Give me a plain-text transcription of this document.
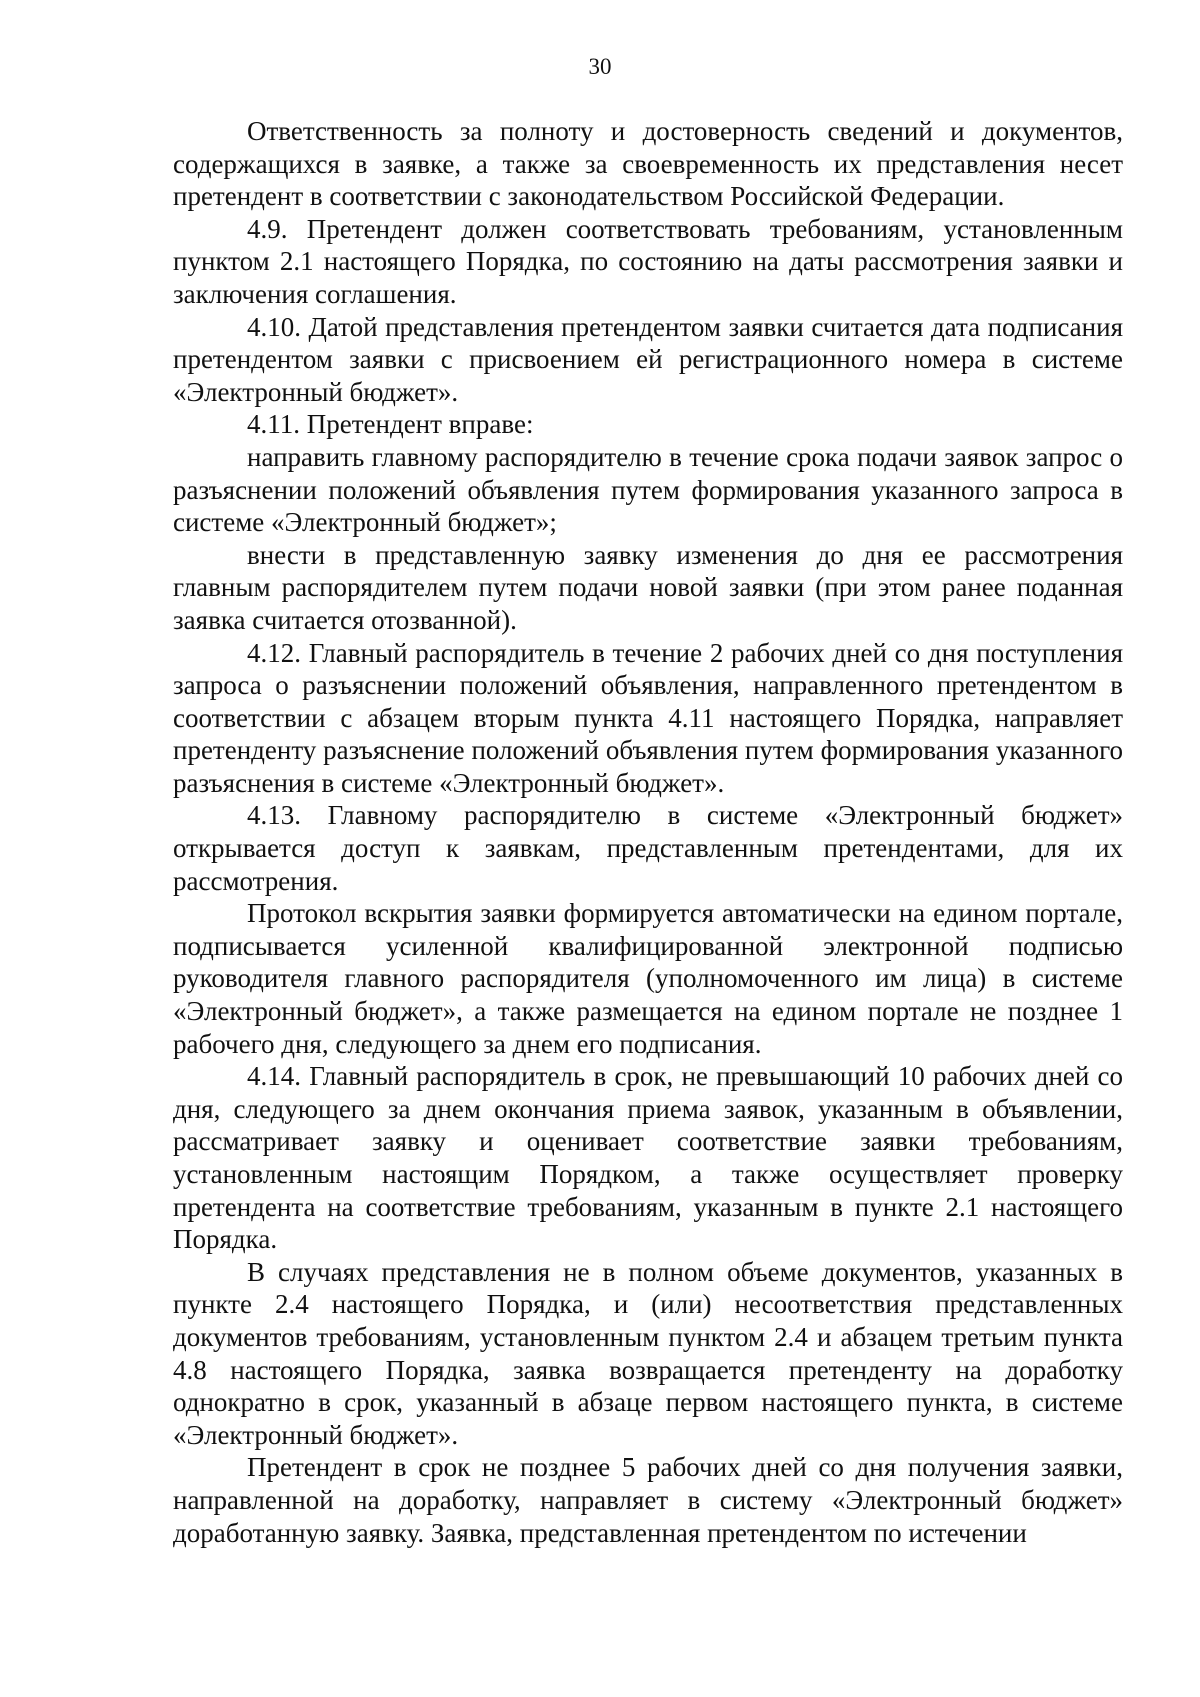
30

Ответственность за полноту и достоверность сведений и документов, содержащихся в заявке, а также за своевременность их представления несет претендент в соответствии с законодательством Российской Федерации.

4.9. Претендент должен соответствовать требованиям, установленным пунктом 2.1 настоящего Порядка, по состоянию на даты рассмотрения заявки и заключения соглашения.

4.10. Датой представления претендентом заявки считается дата подписания претендентом заявки с присвоением ей регистрационного номера в системе «Электронный бюджет».

4.11. Претендент вправе:

направить главному распорядителю в течение срока подачи заявок запрос о разъяснении положений объявления путем формирования указанного запроса в системе «Электронный бюджет»;

внести в представленную заявку изменения до дня ее рассмотрения главным распорядителем путем подачи новой заявки (при этом ранее поданная заявка считается отозванной).

4.12. Главный распорядитель в течение 2 рабочих дней со дня поступления запроса о разъяснении положений объявления, направленного претендентом в соответствии с абзацем вторым пункта 4.11 настоящего Порядка, направляет претенденту разъяснение положений объявления путем формирования указанного разъяснения в системе «Электронный бюджет».

4.13. Главному распорядителю в системе «Электронный бюджет» открывается доступ к заявкам, представленным претендентами, для их рассмотрения.

Протокол вскрытия заявки формируется автоматически на едином портале, подписывается усиленной квалифицированной электронной подписью руководителя главного распорядителя (уполномоченного им лица) в системе «Электронный бюджет», а также размещается на едином портале не позднее 1 рабочего дня, следующего за днем его подписания.

4.14. Главный распорядитель в срок, не превышающий 10 рабочих дней со дня, следующего за днем окончания приема заявок, указанным в объявлении, рассматривает заявку и оценивает соответствие заявки требованиям, установленным настоящим Порядком, а также осуществляет проверку претендента на соответствие требованиям, указанным в пункте 2.1 настоящего Порядка.

В случаях представления не в полном объеме документов, указанных в пункте 2.4 настоящего Порядка, и (или) несоответствия представленных документов требованиям, установленным пунктом 2.4 и абзацем третьим пункта 4.8 настоящего Порядка, заявка возвращается претенденту на доработку однократно в срок, указанный в абзаце первом настоящего пункта, в системе «Электронный бюджет».

Претендент в срок не позднее 5 рабочих дней со дня получения заявки, направленной на доработку, направляет в систему «Электронный бюджет» доработанную заявку. Заявка, представленная претендентом по истечении
